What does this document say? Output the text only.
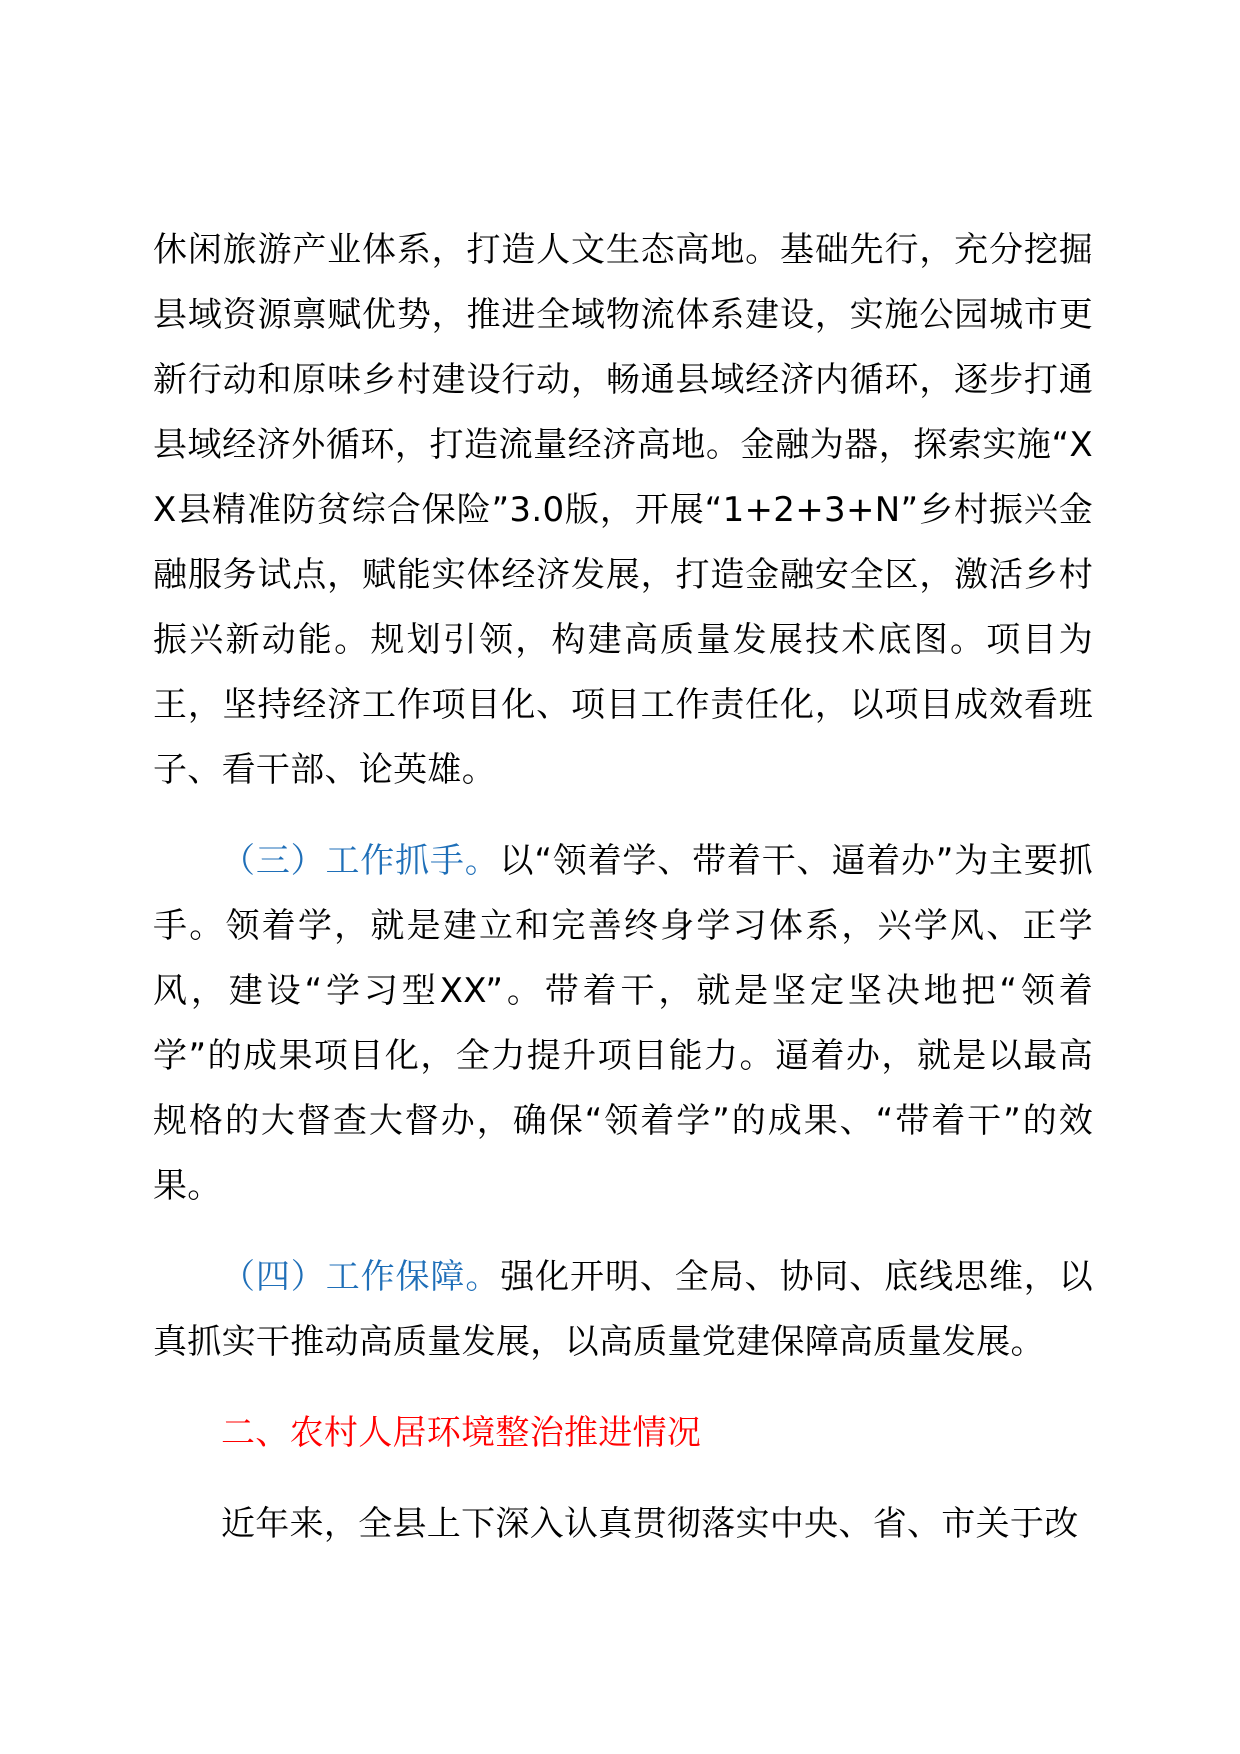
休闲旅游产业体系，打造人文生态高地。基础先行，充分挖掘县域资源禀赋优势，推进全域物流体系建设，实施公园城市更新行动和原味乡村建设行动，畅通县域经济内循环，逐步打通县域经济外循环，打造流量经济高地。金融为器，探索实施“XX县精准防贫综合保险”3.0版，开展“1+2+3+N”乡村振兴金融服务试点，赋能实体经济发展，打造金融安全区，激活乡村振兴新动能。规划引领，构建高质量发展技术底图。项目为王，坚持经济工作项目化、项目工作责任化，以项目成效看班子、看干部、论英雄。

（三）工作抓手。以“领着学、带着干、逼着办”为主要抓手。领着学，就是建立和完善终身学习体系，兴学风、正学风，建设“学习型XX”。带着干，就是坚定坚决地把“领着学”的成果项目化，全力提升项目能力。逼着办，就是以最高规格的大督查大督办，确保“领着学”的成果、“带着干”的效果。

（四）工作保障。强化开明、全局、协同、底线思维，以真抓实干推动高质量发展，以高质量党建保障高质量发展。

二、农村人居环境整治推进情况

近年来，全县上下深入认真贯彻落实中央、省、市关于改
